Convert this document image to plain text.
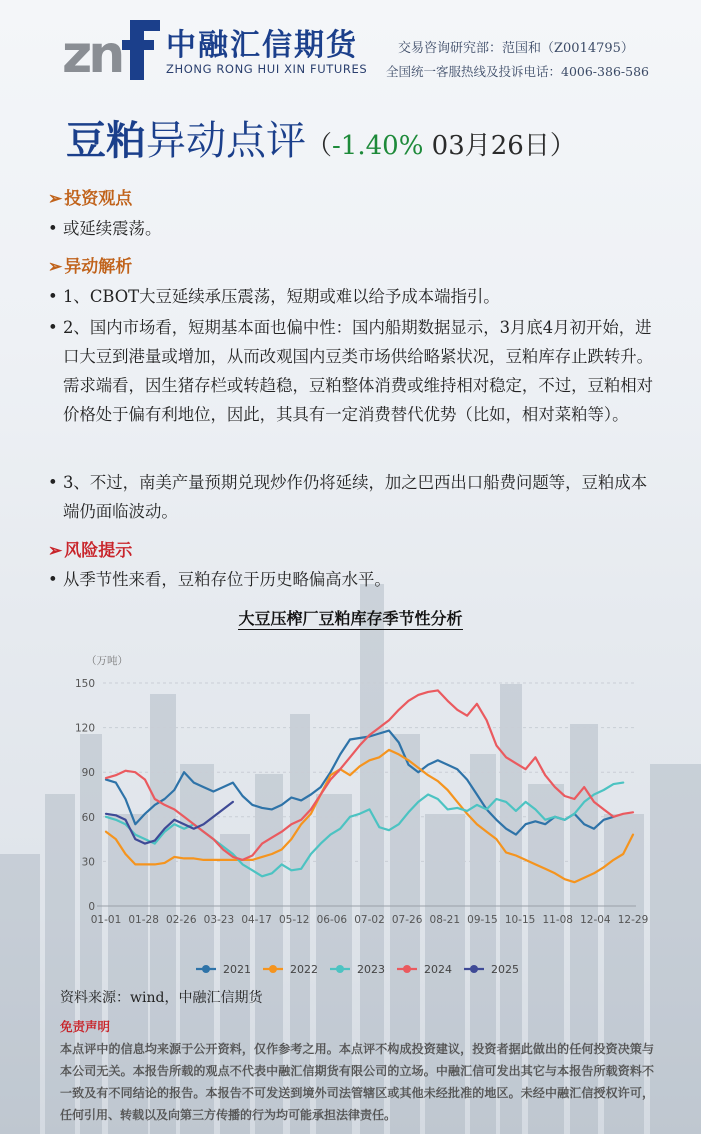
zn 中融汇信期货
ZHONG RONG HUI XIN FUTURES
交易咨询研究部：范国和（Z0014795）
全国统一客服热线及投诉电话：4006-386-586
豆粕异动点评（-1.40% 03月26日）
➢ 投资观点
• 或延续震荡。
➢ 异动解析
• 1、CBOT大豆延续承压震荡，短期或难以给予成本端指引。
• 2、国内市场看，短期基本面也偏中性：国内船期数据显示，3月底4月初开始，进口大豆到港量或增加，从而改观国内豆类市场供给略紧状况，豆粕库存止跌转升。需求端看，因生猪存栏或转趋稳，豆粕整体消费或维持相对稳定，不过，豆粕相对价格处于偏有利地位，因此，其具有一定消费替代优势（比如，相对菜粕等）。
• 3、不过，南美产量预期兑现炒作仍将延续，加之巴西出口船费问题等，豆粕成本端仍面临波动。
➢ 风险提示
• 从季节性来看，豆粕存位于历史略偏高水平。
大豆压榨厂豆粕库存季节性分析
（万吨）
0
30
60
90
120
150
01-01 01-28 02-26 03-23 04-17 05-12 06-06 07-02 07-26 08-21 09-15 10-15 11-08 12-04 12-29
2021	2022	2023	2024	2025
资料来源：wind，中融汇信期货
免责声明
本点评中的信息均来源于公开资料，仅作参考之用。本点评不构成投资建议，投资者据此做出的任何投资决策与本公司无关。本报告所载的观点不代表中融汇信期货有限公司的立场。中融汇信可发出其它与本报告所载资料不一致及有不同结论的报告。本报告不可发送到境外司法管辖区或其他未经批准的地区。未经中融汇信授权许可，任何引用、转载以及向第三方传播的行为均可能承担法律责任。
